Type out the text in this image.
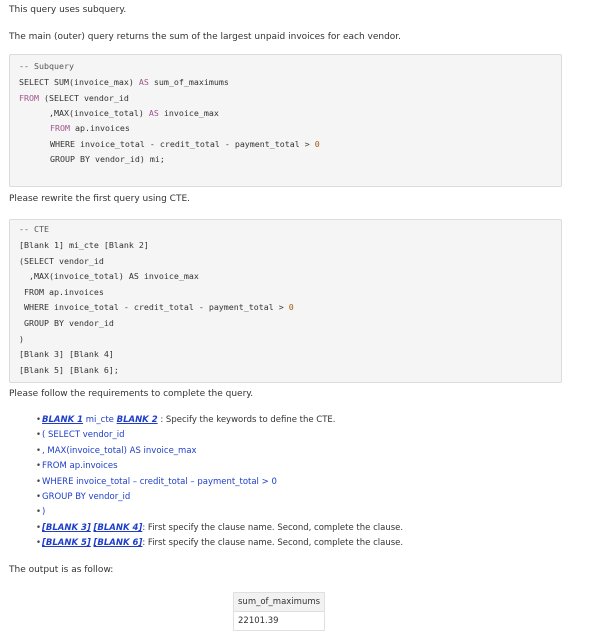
This query uses subquery.
The main (outer) query returns the sum of the largest unpaid invoices for each vendor.
-- Subquery
SELECT SUM(invoice_max) AS sum_of_maximums
FROM (SELECT vendor_id
,MAX(invoice_total) AS invoice_max
FROM ap.invoices
WHERE invoice_total - credit_total - payment_total > 0
GROUP BY vendor_id) mi;
Please rewrite the first query using CTE.
-- CTE
[Blank 1] mi_cte [Blank 2]
(SELECT vendor_id
,MAX(invoice_total) AS invoice_max
FROM ap.invoices
WHERE invoice_total - credit_total - payment_total > 0
GROUP BY vendor_id
)
[Blank 3] [Blank 4]
[Blank 5] [Blank 6];
Please follow the requirements to complete the query.
• BLANK 1 mi_cte BLANK 2 : Specify the keywords to define the CTE.
• ( SELECT vendor_id
• , MAX(invoice_total) AS invoice_max
• FROM ap.invoices
• WHERE invoice_total – credit_total – payment_total > 0
• GROUP BY vendor_id
• )
• [BLANK 3] [BLANK 4]: First specify the clause name. Second, complete the clause.
• [BLANK 5] [BLANK 6]: First specify the clause name. Second, complete the clause.
The output is as follow:
sum_of_maximums
22101.39
